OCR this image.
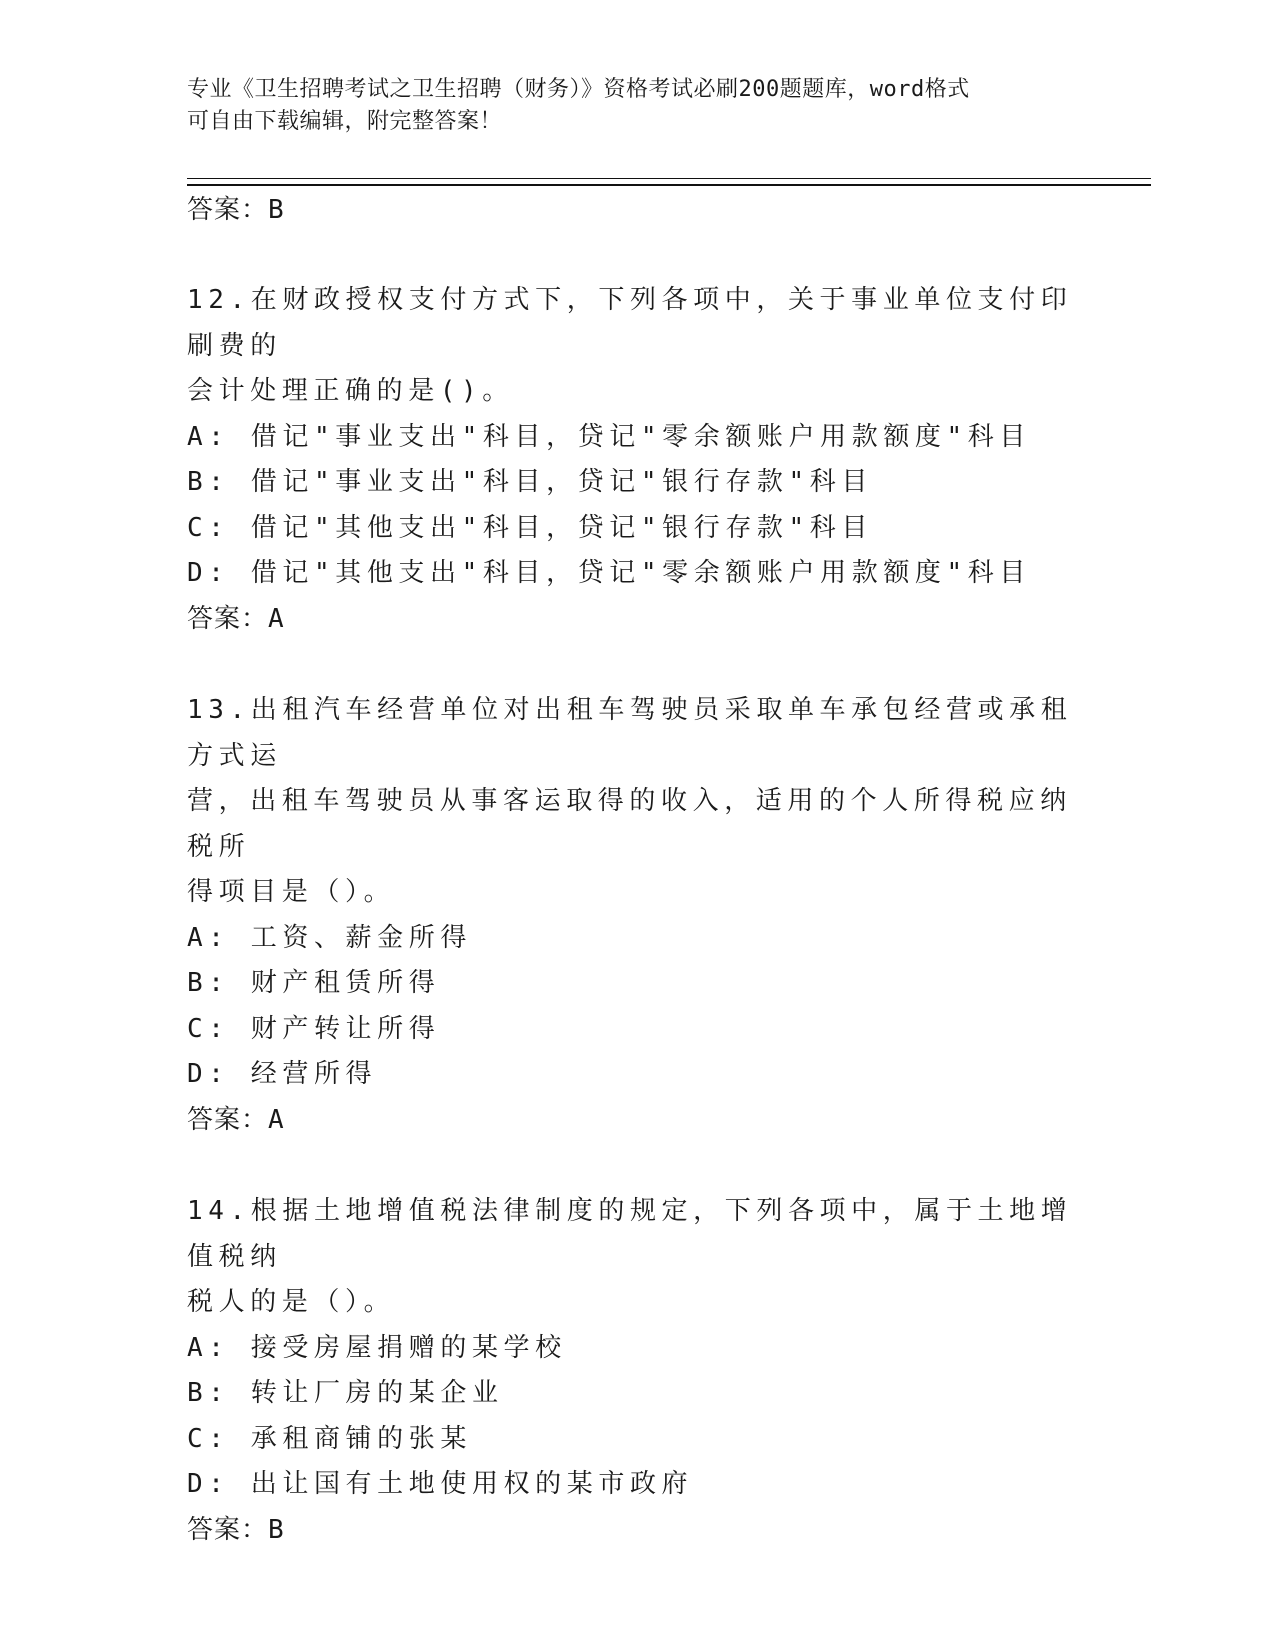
专业《卫生招聘考试之卫生招聘（财务）》资格考试必刷200题题库，word格式
可自由下载编辑，附完整答案！
答案：B

12.在财政授权支付方式下，下列各项中，关于事业单位支付印刷费的

会计处理正确的是()。

A: 借记"事业支出"科目，贷记"零余额账户用款额度"科目

B: 借记"事业支出"科目，贷记"银行存款"科目

C: 借记"其他支出"科目，贷记"银行存款"科目

D: 借记"其他支出"科目，贷记"零余额账户用款额度"科目

答案：A

13.出租汽车经营单位对出租车驾驶员采取单车承包经营或承租方式运

营，出租车驾驶员从事客运取得的收入，适用的个人所得税应纳税所

得项目是（）。

A: 工资、薪金所得

B: 财产租赁所得

C: 财产转让所得

D: 经营所得

答案：A

14.根据土地增值税法律制度的规定，下列各项中，属于土地增值税纳

税人的是（）。

A: 接受房屋捐赠的某学校

B: 转让厂房的某企业

C: 承租商铺的张某

D: 出让国有土地使用权的某市政府

答案：B
